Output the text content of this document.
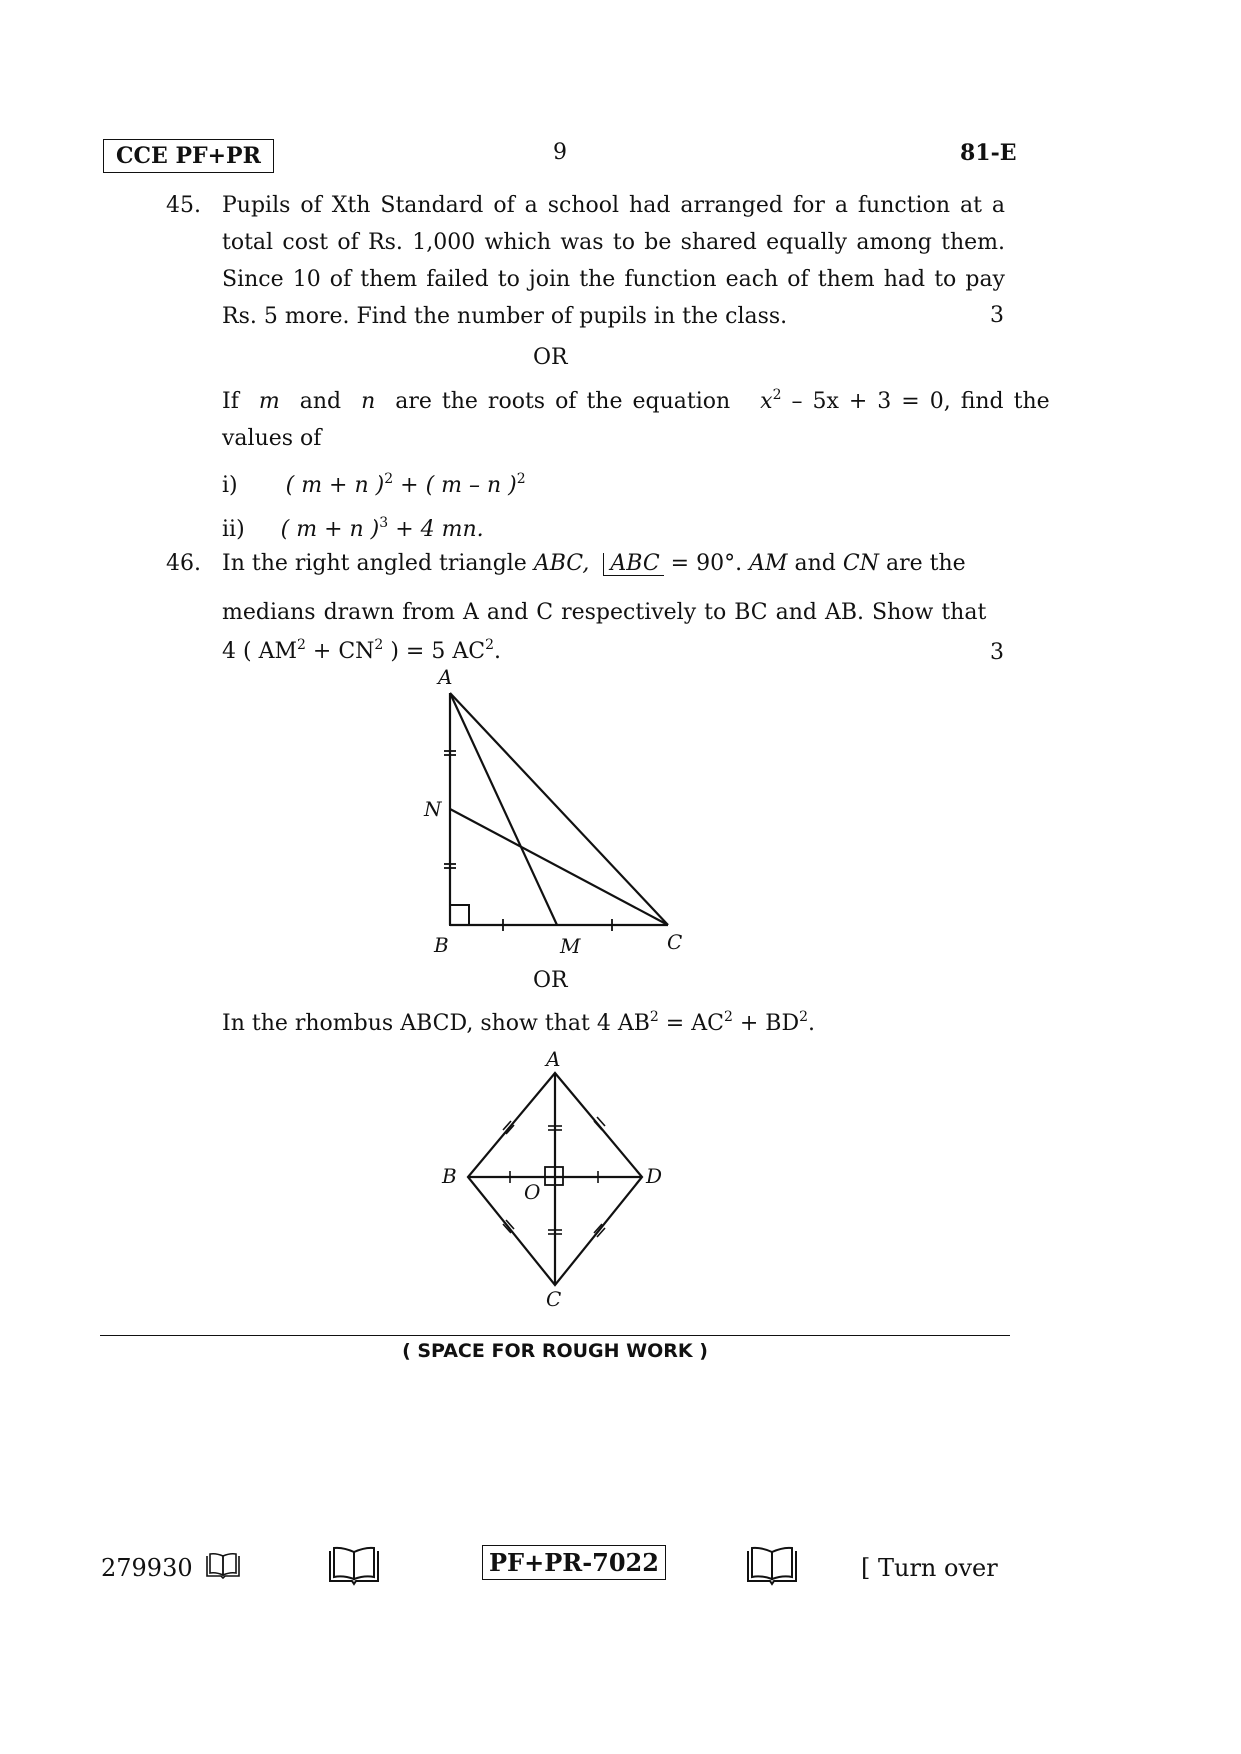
CCE PF+PR	9	81-E
45. Pupils of Xth Standard of a school had arranged for a function at a total cost of Rs. 1,000 which was to be shared equally among them. Since 10 of them failed to join the function each of them had to pay Rs. 5 more. Find the number of pupils in the class.	3
OR
If m and n are the roots of the equation $x^2 - 5x + 3 = 0$, find the
values of
i) ( m + n )$^2$ + ( m – n )$^2$
ii) ( m + n )$^3$ + 4 mn.
46. In the right angled triangle ABC, ABC = 90°. AM and CN are the
medians drawn from A and C respectively to BC and AB. Show that
4 ( $AM^2 + CN^2$ ) = 5 $AC^2$.	3
A
N
B	M	C
OR
In the rhombus ABCD, show that 4 $AB^2 = AC^2 + BD^2$.
A
B	D
O
C
( SPACE FOR ROUGH WORK )
279930	PF+PR-7022	[ Turn over
